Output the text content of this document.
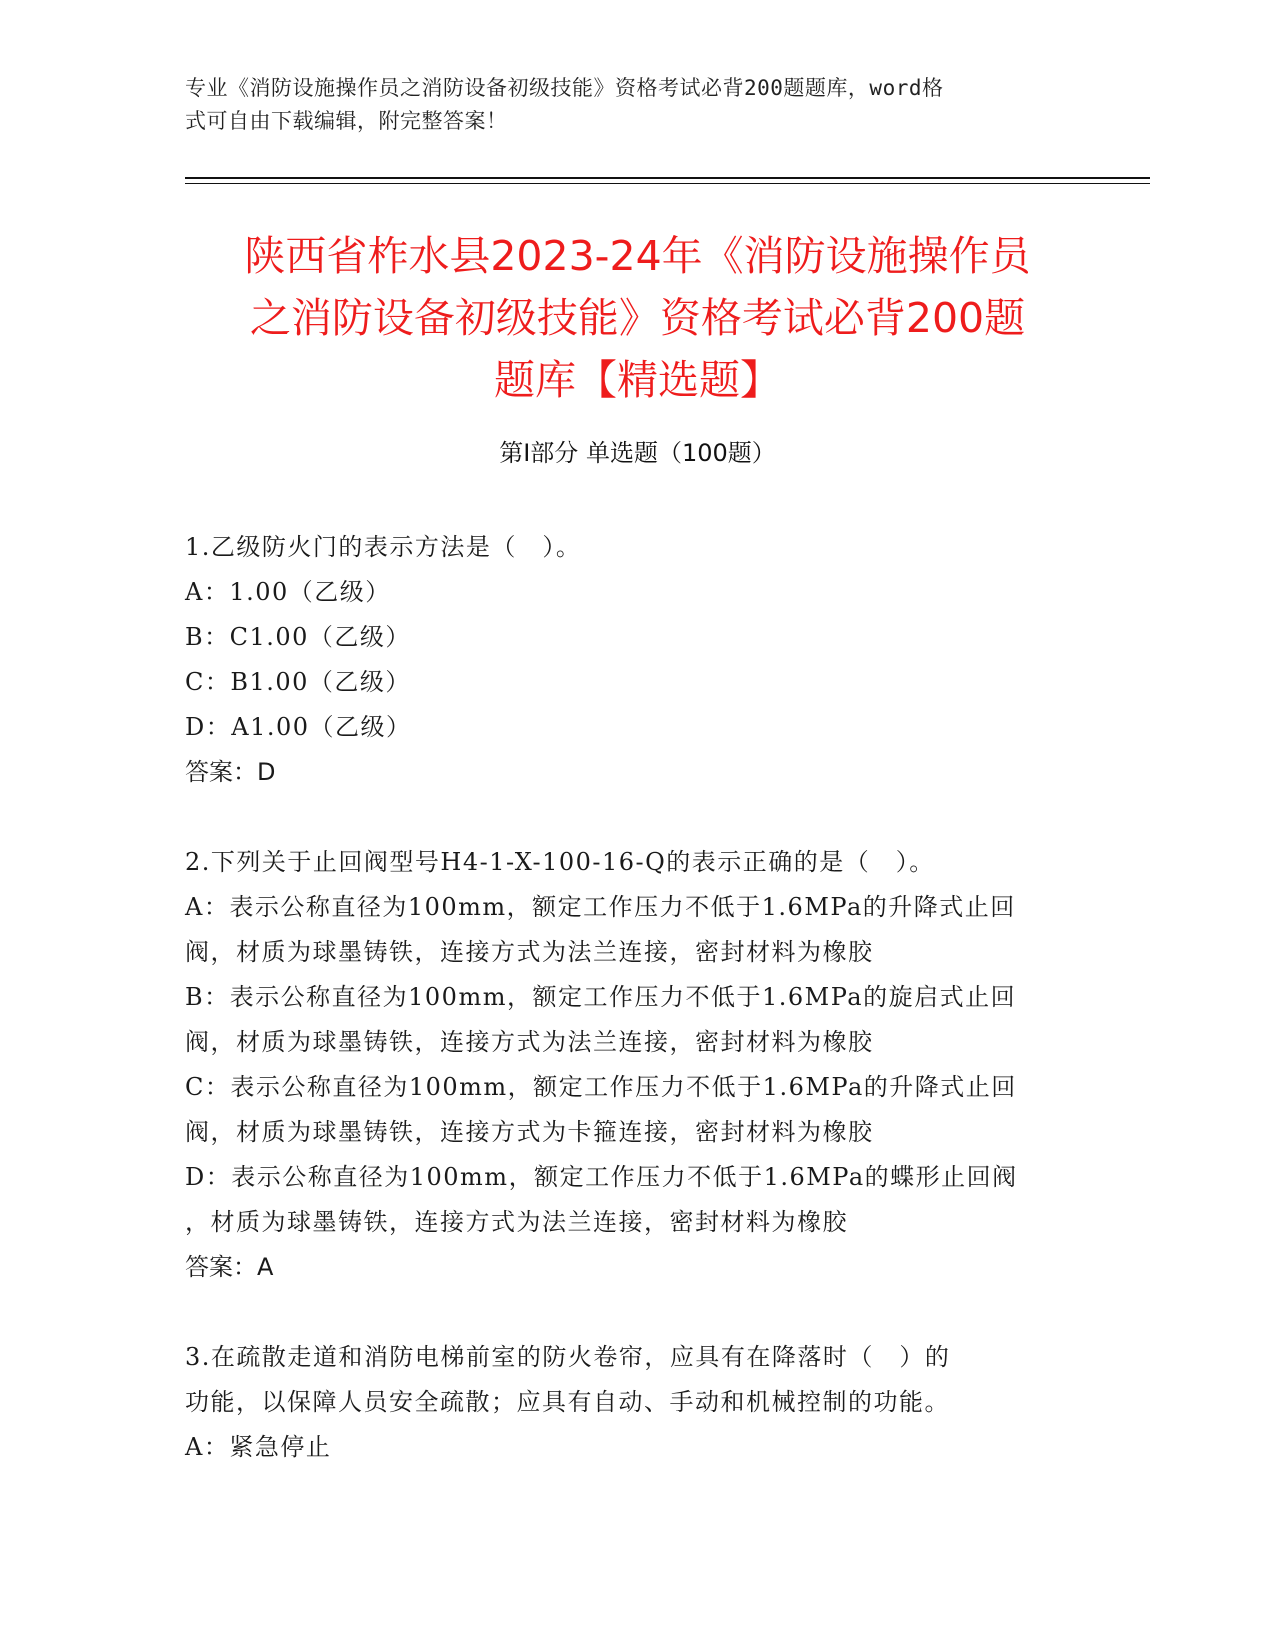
专业《消防设施操作员之消防设备初级技能》资格考试必背200题题库，word格
式可自由下载编辑，附完整答案！
陕西省柞水县2023-24年《消防设施操作员
之消防设备初级技能》资格考试必背200题
题库【精选题】
第I部分 单选题（100题）
1.乙级防火门的表示方法是（　）。
A：1.00（乙级）
B：C1.00（乙级）
C：B1.00（乙级）
D：A1.00（乙级）
答案：D
2.下列关于止回阀型号H4-1-X-100-16-Q的表示正确的是（　）。
A：表示公称直径为100mm，额定工作压力不低于1.6MPa的升降式止回
阀，材质为球墨铸铁，连接方式为法兰连接，密封材料为橡胶
B：表示公称直径为100mm，额定工作压力不低于1.6MPa的旋启式止回
阀，材质为球墨铸铁，连接方式为法兰连接，密封材料为橡胶
C：表示公称直径为100mm，额定工作压力不低于1.6MPa的升降式止回
阀，材质为球墨铸铁，连接方式为卡箍连接，密封材料为橡胶
D：表示公称直径为100mm，额定工作压力不低于1.6MPa的蝶形止回阀
，材质为球墨铸铁，连接方式为法兰连接，密封材料为橡胶
答案：A
3.在疏散走道和消防电梯前室的防火卷帘，应具有在降落时（　）的
功能，以保障人员安全疏散；应具有自动、手动和机械控制的功能。
A：紧急停止
